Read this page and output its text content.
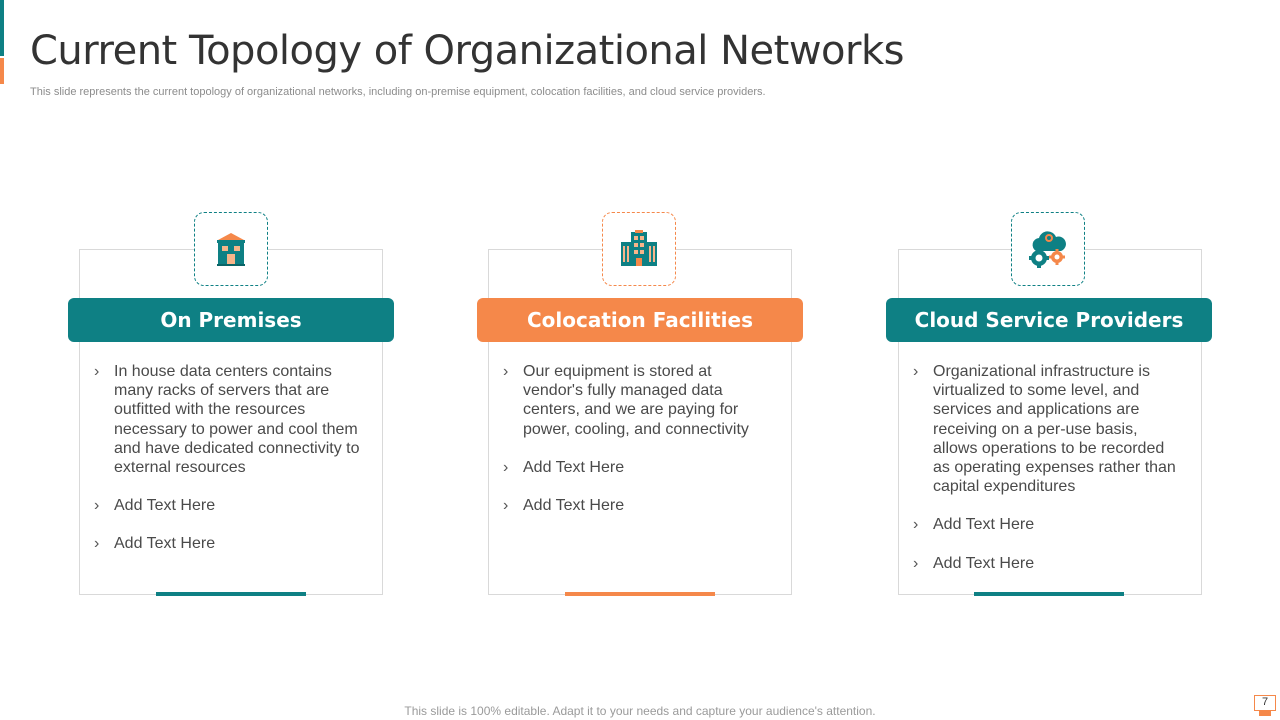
Current Topology of Organizational Networks

This slide represents the current topology of organizational networks, including on-premise equipment, colocation facilities, and cloud service providers.

On Premises
› In house data centers contains many racks of servers that are outfitted with the resources necessary to power and cool them and have dedicated connectivity to external resources
› Add Text Here
› Add Text Here
Colocation Facilities
› Our equipment is stored at vendor's fully managed data centers, and we are paying for power, cooling, and connectivity
› Add Text Here
› Add Text Here
Cloud Service Providers
› Organizational infrastructure is virtualized to some level, and services and applications are receiving on a per-use basis, allows operations to be recorded as operating expenses rather than capital expenditures
› Add Text Here
› Add Text Here
This slide is 100% editable. Adapt it to your needs and capture your audience's attention.
7
